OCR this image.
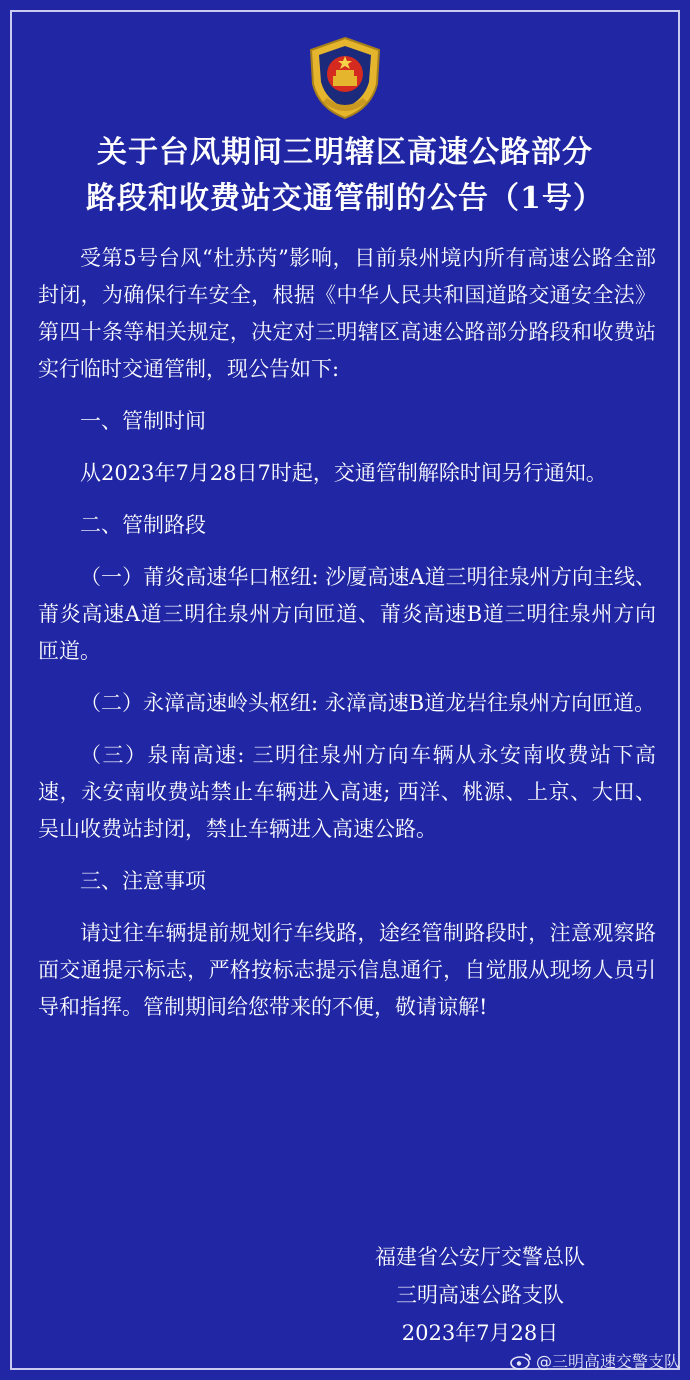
关于台风期间三明辖区高速公路部分
路段和收费站交通管制的公告（1号）

受第5号台风“杜苏芮”影响，目前泉州境内所有高速公路全部封闭，为确保行车安全，根据《中华人民共和国道路交通安全法》第四十条等相关规定，决定对三明辖区高速公路部分路段和收费站实行临时交通管制，现公告如下:

一、管制时间

从2023年7月28日7时起，交通管制解除时间另行通知。

二、管制路段

（一）莆炎高速华口枢纽: 沙厦高速A道三明往泉州方向主线、莆炎高速A道三明往泉州方向匝道、莆炎高速B道三明往泉州方向匝道。

（二）永漳高速岭头枢纽: 永漳高速B道龙岩往泉州方向匝道。

（三）泉南高速: 三明往泉州方向车辆从永安南收费站下高速，永安南收费站禁止车辆进入高速; 西洋、桃源、上京、大田、吴山收费站封闭，禁止车辆进入高速公路。

三、注意事项

请过往车辆提前规划行车线路，途经管制路段时，注意观察路面交通提示标志，严格按标志提示信息通行，自觉服从现场人员引导和指挥。管制期间给您带来的不便，敬请谅解!

福建省公安厅交警总队
三明高速公路支队
2023年7月28日
@三明高速交警支队
